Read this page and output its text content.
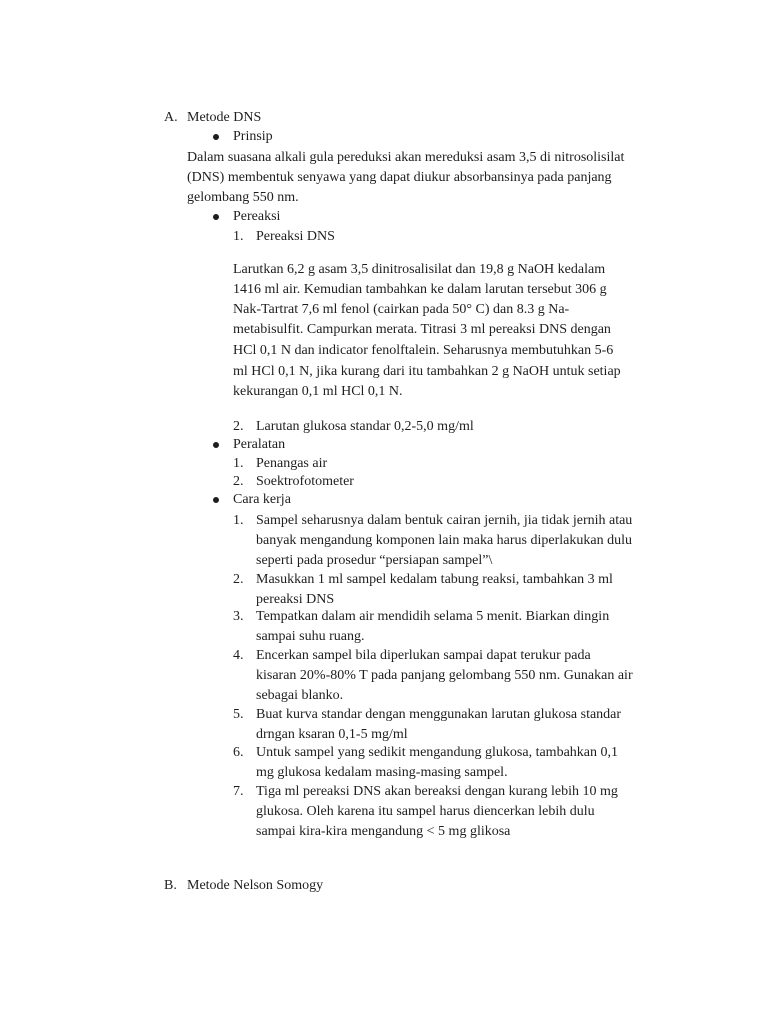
A. Metode DNS
Prinsip
Dalam suasana alkali gula pereduksi akan mereduksi asam 3,5 di nitrosolisilat
(DNS) membentuk senyawa yang dapat diukur absorbansinya pada panjang
gelombang 550 nm.
Pereaksi
1. Pereaksi DNS
Larutkan 6,2 g asam 3,5 dinitrosalisilat dan 19,8 g NaOH kedalam
1416 ml air. Kemudian tambahkan ke dalam larutan tersebut 306 g
Nak-Tartrat 7,6 ml fenol (cairkan pada 50° C) dan 8.3 g Na-
metabisulfit. Campurkan merata. Titrasi 3 ml pereaksi DNS dengan
HCl 0,1 N dan indicator fenolftalein. Seharusnya membutuhkan 5-6
ml HCl 0,1 N, jika kurang dari itu tambahkan 2 g NaOH untuk setiap
kekurangan 0,1 ml HCl 0,1 N.
2. Larutan glukosa standar 0,2-5,0 mg/ml
Peralatan
1. Penangas air
2. Soektrofotometer
Cara kerja
1. Sampel seharusnya dalam bentuk cairan jernih, jia tidak jernih atau
banyak mengandung komponen lain maka harus diperlakukan dulu
seperti pada prosedur “persiapan sampel”\
2. Masukkan 1 ml sampel kedalam tabung reaksi, tambahkan 3 ml
pereaksi DNS
3. Tempatkan dalam air mendidih selama 5 menit. Biarkan dingin
sampai suhu ruang.
4. Encerkan sampel bila diperlukan sampai dapat terukur pada
kisaran 20%-80% T pada panjang gelombang 550 nm. Gunakan air
sebagai blanko.
5. Buat kurva standar dengan menggunakan larutan glukosa standar
drngan ksaran 0,1-5 mg/ml
6. Untuk sampel yang sedikit mengandung glukosa, tambahkan 0,1
mg glukosa kedalam masing-masing sampel.
7. Tiga ml pereaksi DNS akan bereaksi dengan kurang lebih 10 mg
glukosa. Oleh karena itu sampel harus diencerkan lebih dulu
sampai kira-kira mengandung < 5 mg glikosa
B. Metode Nelson Somogy
